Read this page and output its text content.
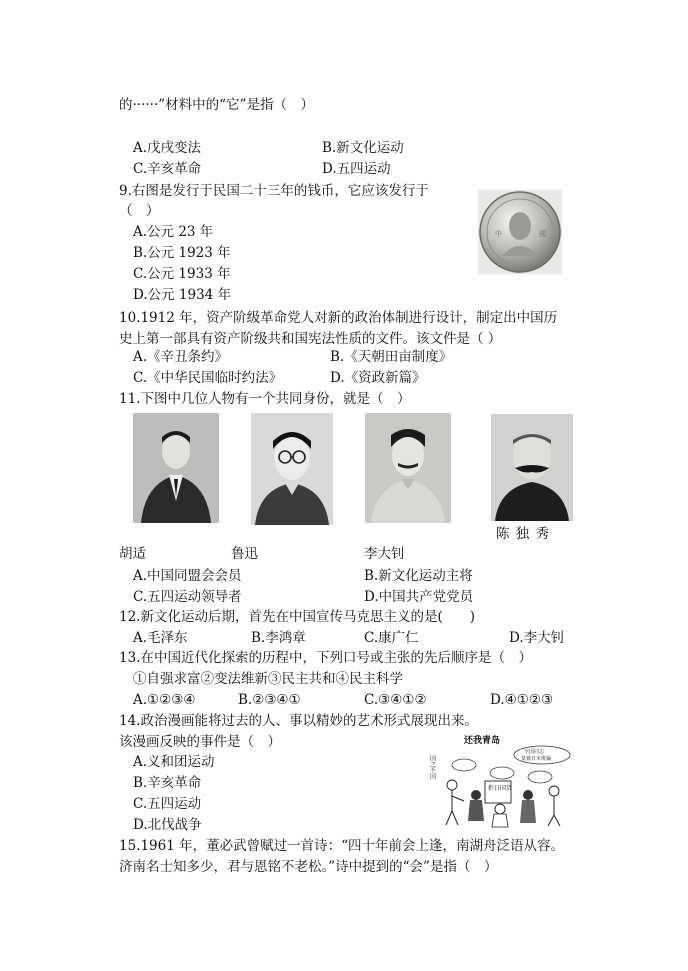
的······”材料中的“它”是指（　）
A.戊戌变法	B.新文化运动
C.辛亥革命	D.五四运动
9.右图是发行于民国二十三年的钱币，它应该发行于
（　）
A.公元 23 年
B.公元 1923 年
C.公元 1933 年
D.公元 1934 年
中	國
10.1912 年，资产阶级革命党人对新的政治体制进行设计，制定出中国历
史上第一部具有资产阶级共和国宪法性质的文件。该文件是（ ）
A.《辛丑条约》	B.《天朝田亩制度》
C.《中华民国临时约法》	D.《资政新篇》
11.下图中几位人物有一个共同身份，就是（　）
陈 独 秀
胡适	鲁迅	李大钊
A.中国同盟会会员	B.新文化运动主将
C.五四运动领导者	D.中国共产党党员
12.新文化运动后期，首先在中国宣传马克思主义的是(　　)
A.毛泽东	B.李鸿章	C.康广仁	D.李大钊
13.在中国近代化探索的历程中，下列口号或主张的先后顺序是（　）
①自强求富②变法维新③民主共和④民主科学
A.①②③④	B.②③④①	C.③④①②	D.④①②③
14.政治漫画能将过去的人、事以精妙的艺术形式展现出来。
该漫画反映的事件是（　）
A.义和团运动
B.辛亥革命
C.五四运动
D.北伐战争
还我青岛
国之不国
全国同志
莫被日本欺骗
拒日国货
15.1961 年，董必武曾赋过一首诗：“四十年前会上逢，南湖舟泛语从容。
济南名士知多少，君与恩铭不老松。”诗中提到的“会”是指（　）
